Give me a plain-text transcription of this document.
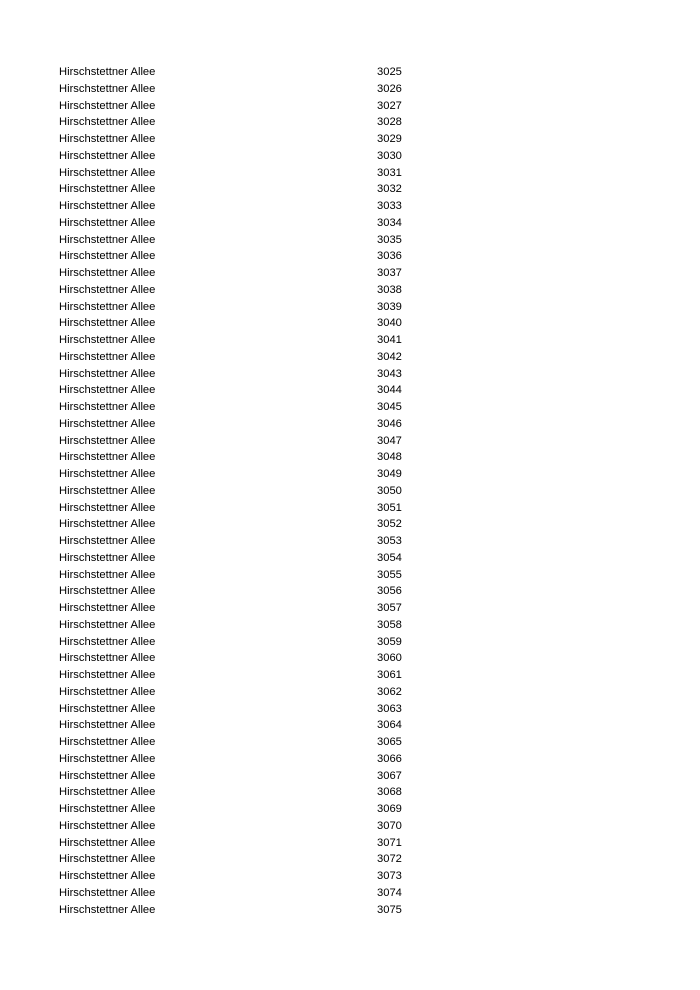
Hirschstettner Allee	3025
Hirschstettner Allee	3026
Hirschstettner Allee	3027
Hirschstettner Allee	3028
Hirschstettner Allee	3029
Hirschstettner Allee	3030
Hirschstettner Allee	3031
Hirschstettner Allee	3032
Hirschstettner Allee	3033
Hirschstettner Allee	3034
Hirschstettner Allee	3035
Hirschstettner Allee	3036
Hirschstettner Allee	3037
Hirschstettner Allee	3038
Hirschstettner Allee	3039
Hirschstettner Allee	3040
Hirschstettner Allee	3041
Hirschstettner Allee	3042
Hirschstettner Allee	3043
Hirschstettner Allee	3044
Hirschstettner Allee	3045
Hirschstettner Allee	3046
Hirschstettner Allee	3047
Hirschstettner Allee	3048
Hirschstettner Allee	3049
Hirschstettner Allee	3050
Hirschstettner Allee	3051
Hirschstettner Allee	3052
Hirschstettner Allee	3053
Hirschstettner Allee	3054
Hirschstettner Allee	3055
Hirschstettner Allee	3056
Hirschstettner Allee	3057
Hirschstettner Allee	3058
Hirschstettner Allee	3059
Hirschstettner Allee	3060
Hirschstettner Allee	3061
Hirschstettner Allee	3062
Hirschstettner Allee	3063
Hirschstettner Allee	3064
Hirschstettner Allee	3065
Hirschstettner Allee	3066
Hirschstettner Allee	3067
Hirschstettner Allee	3068
Hirschstettner Allee	3069
Hirschstettner Allee	3070
Hirschstettner Allee	3071
Hirschstettner Allee	3072
Hirschstettner Allee	3073
Hirschstettner Allee	3074
Hirschstettner Allee	3075
